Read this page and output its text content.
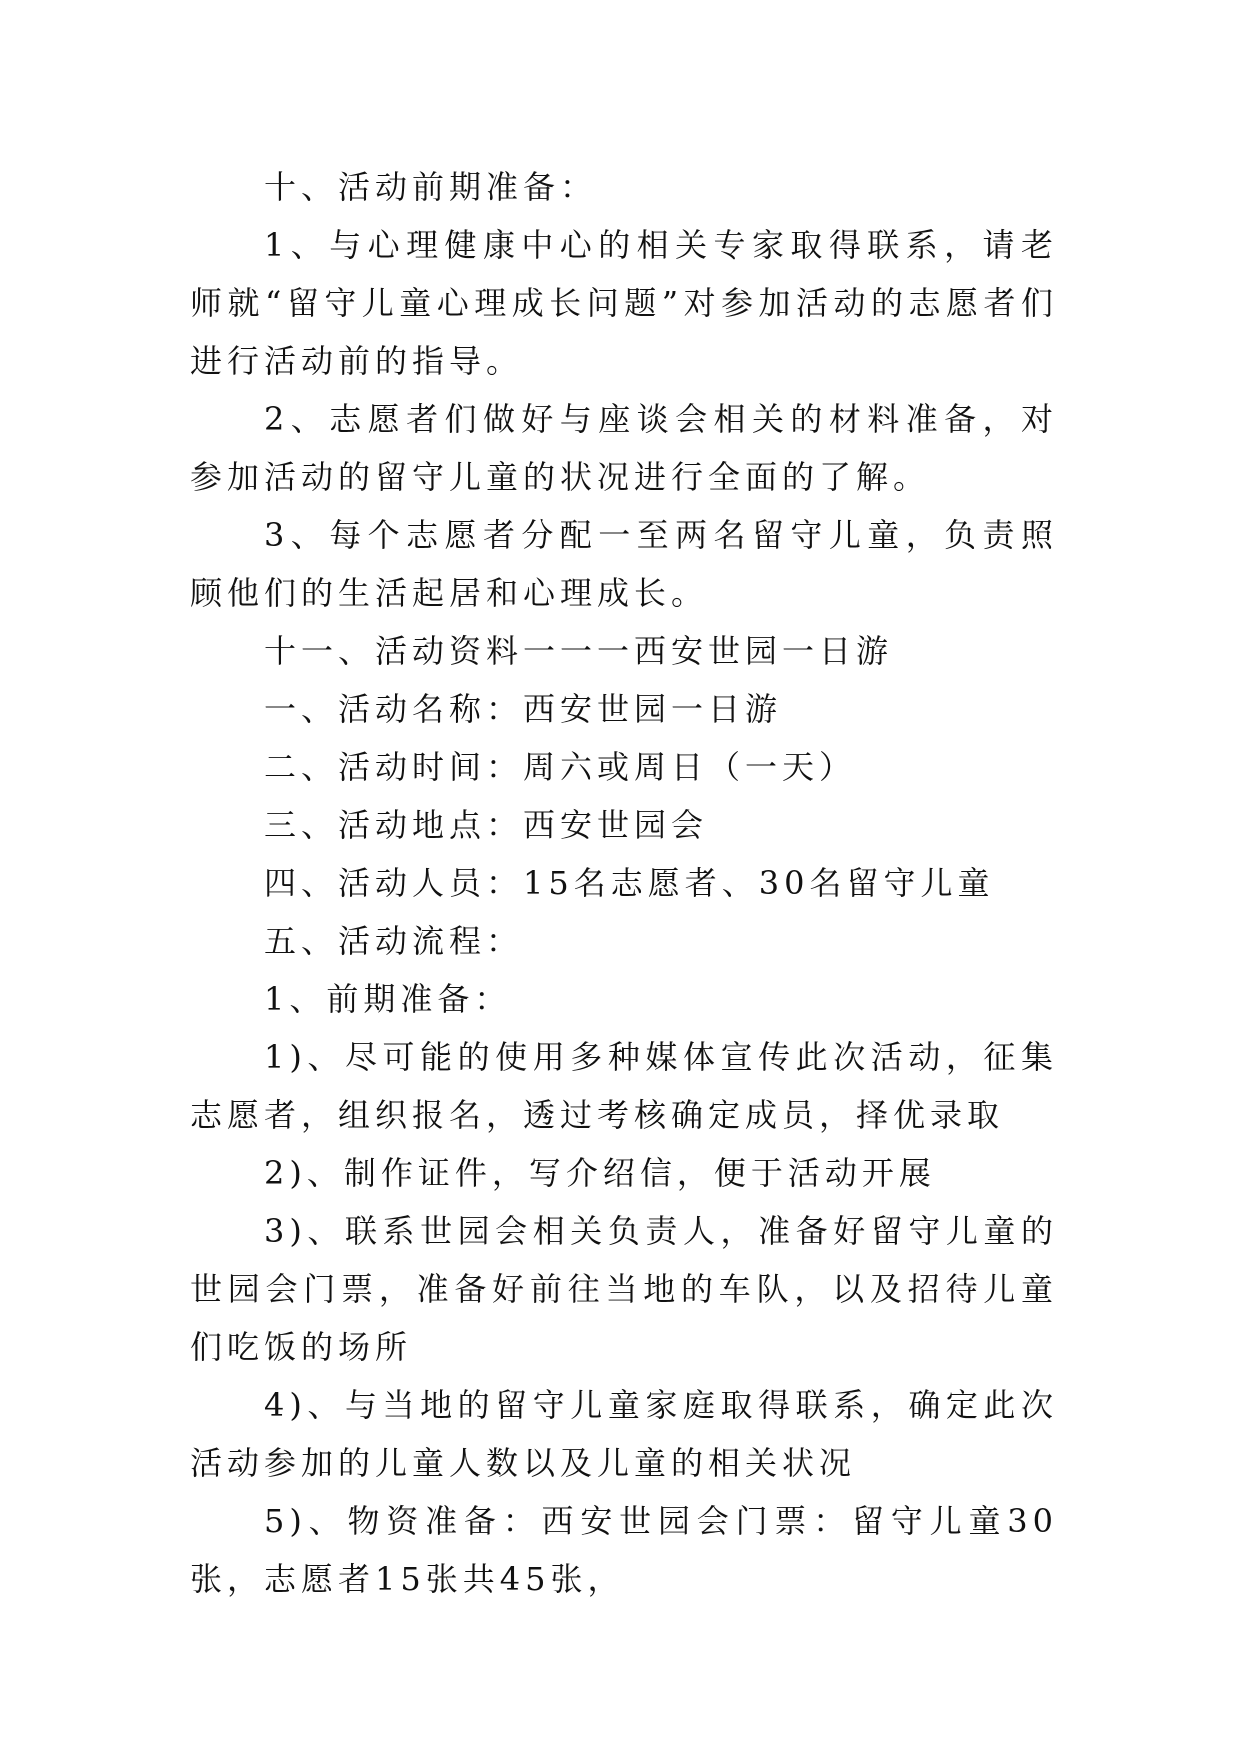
十、活动前期准备：

1、与心理健康中心的相关专家取得联系，请老师就“留守儿童心理成长问题”对参加活动的志愿者们进行活动前的指导。

2、志愿者们做好与座谈会相关的材料准备，对参加活动的留守儿童的状况进行全面的了解。

3、每个志愿者分配一至两名留守儿童，负责照顾他们的生活起居和心理成长。

十一、活动资料一一一西安世园一日游

一、活动名称：西安世园一日游

二、活动时间：周六或周日（一天）

三、活动地点：西安世园会

四、活动人员：15名志愿者、30名留守儿童

五、活动流程：

1、前期准备：

1)、尽可能的使用多种媒体宣传此次活动，征集志愿者，组织报名，透过考核确定成员，择优录取

2)、制作证件，写介绍信，便于活动开展

3)、联系世园会相关负责人，准备好留守儿童的世园会门票，准备好前往当地的车队，以及招待儿童们吃饭的场所

4)、与当地的留守儿童家庭取得联系，确定此次活动参加的儿童人数以及儿童的相关状况

5)、物资准备：西安世园会门票：留守儿童30张，志愿者15张共45张，
